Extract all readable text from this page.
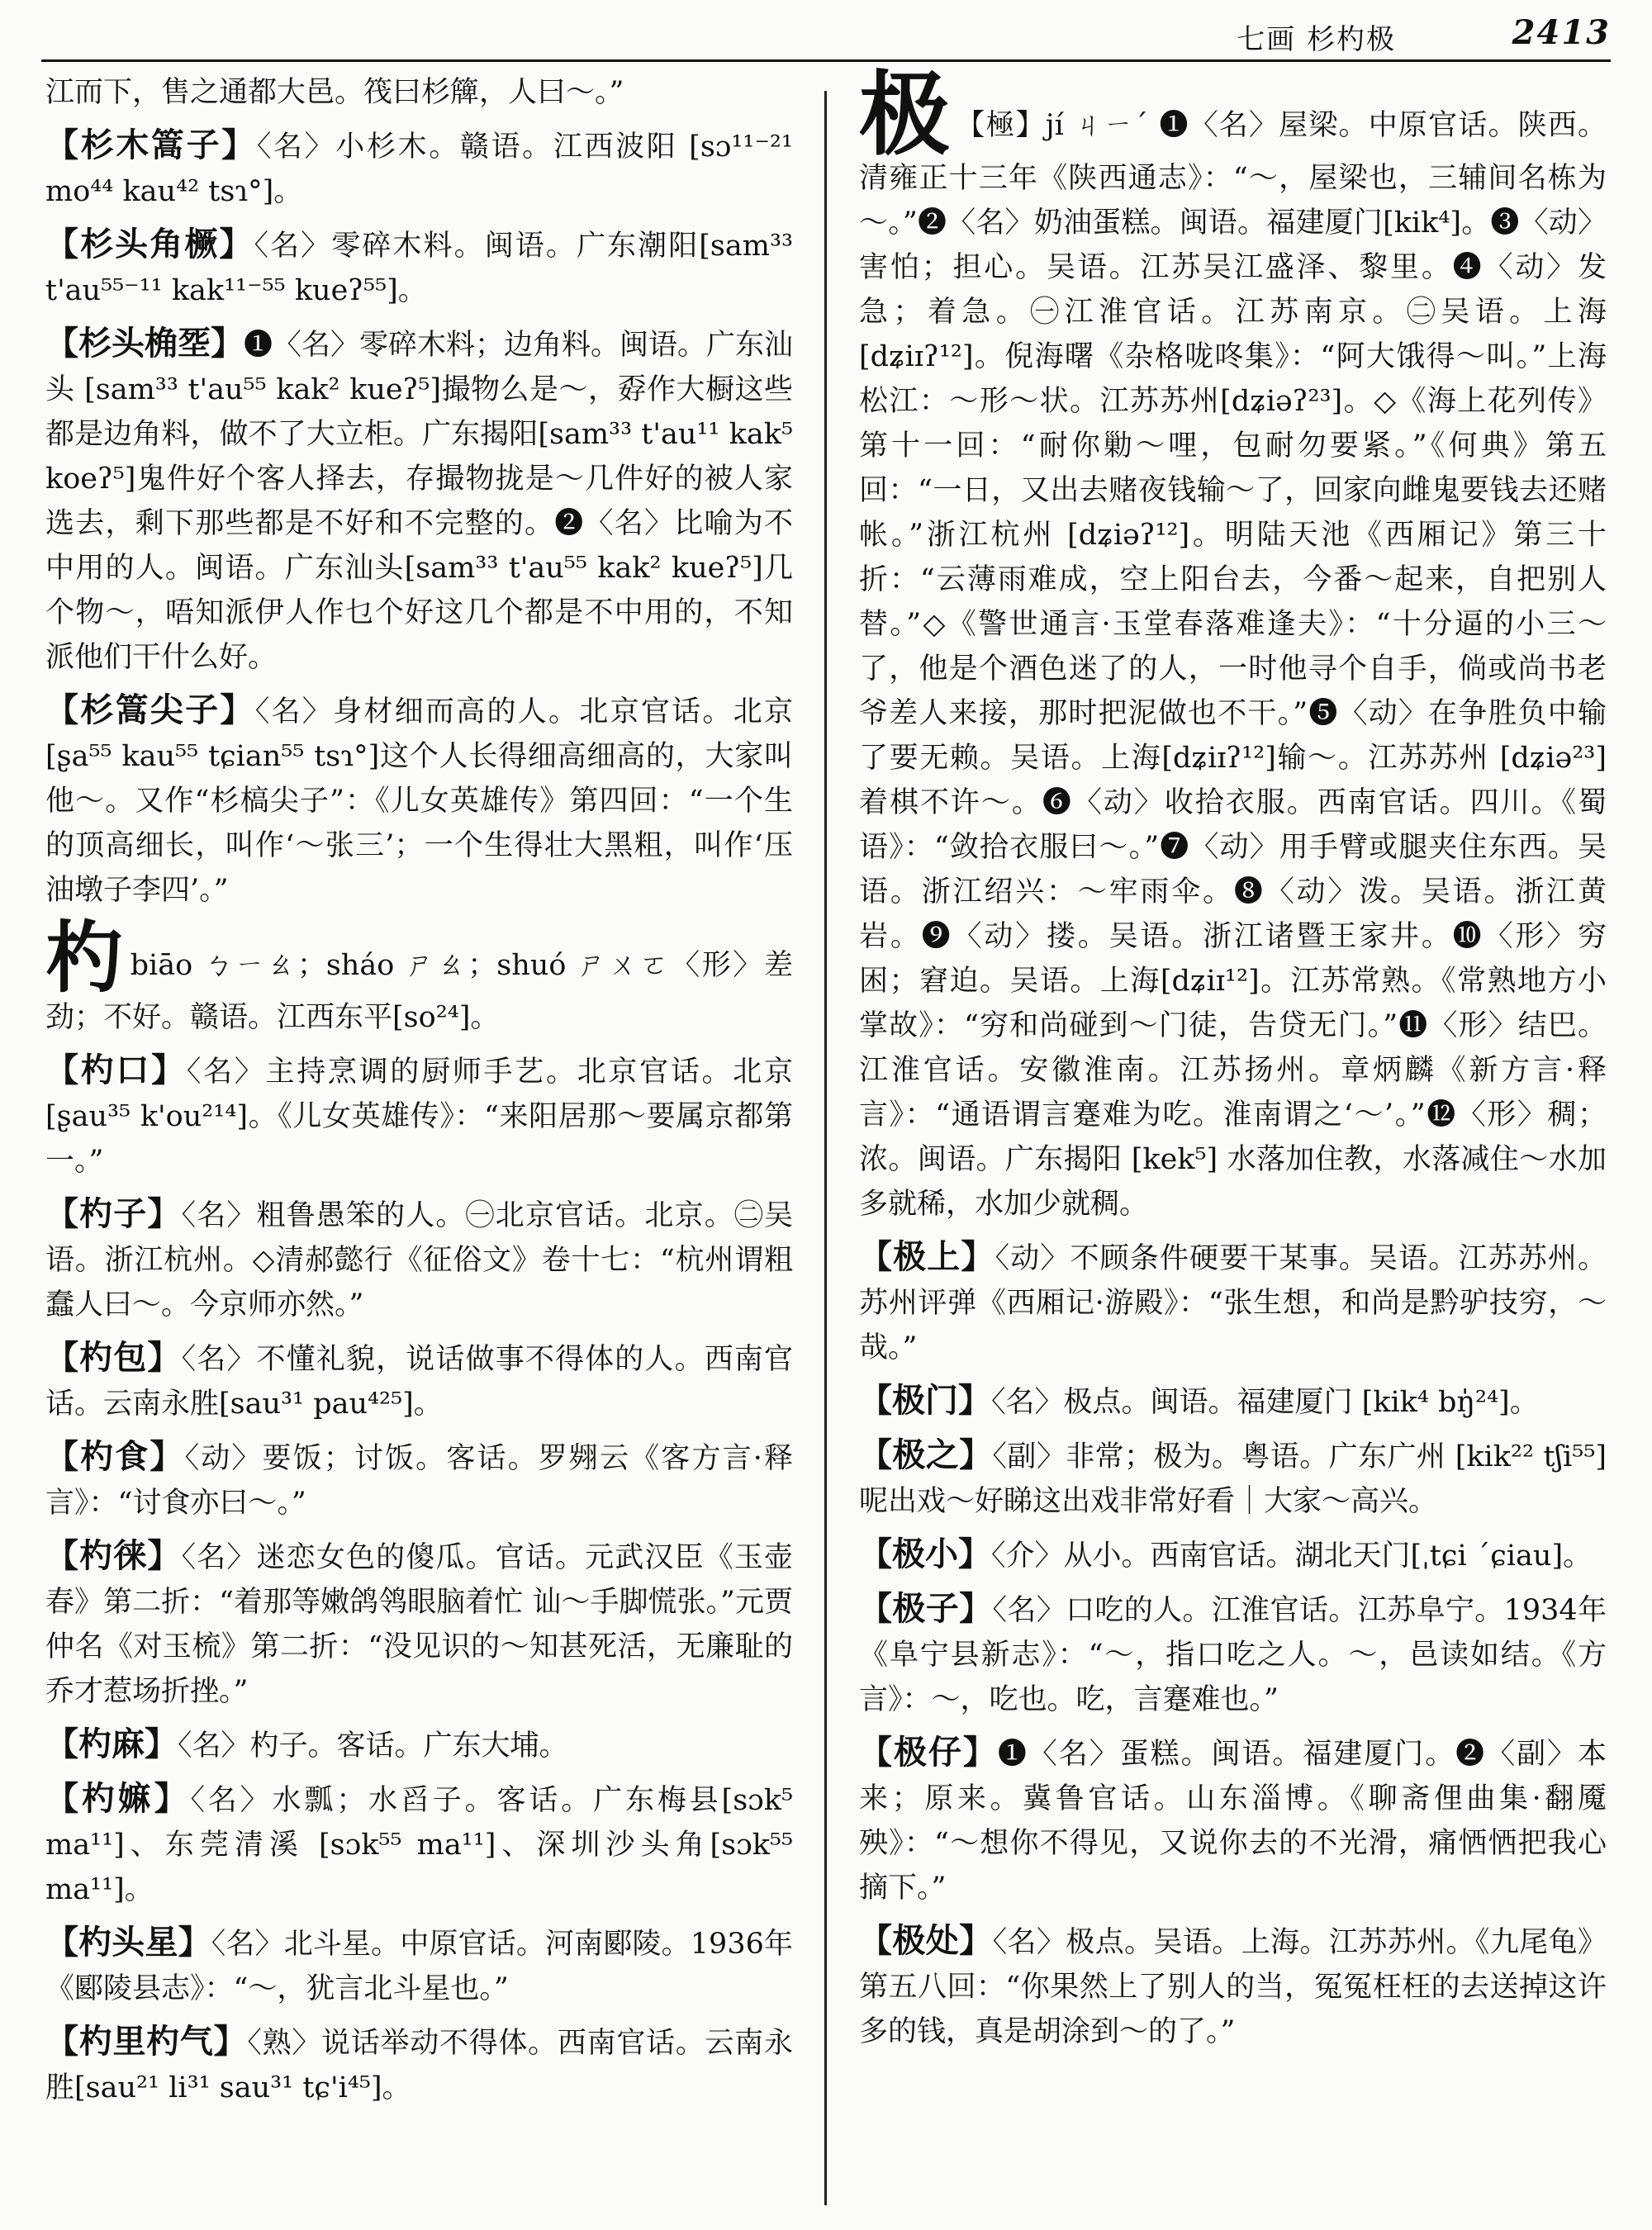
七画 杉杓极	2413
江而下，售之通都大邑。筏曰杉簰，人曰～。”
【杉木篙子】〈名〉小杉木。赣语。江西波阳 [sɔ¹¹⁻²¹ mo⁴⁴ kau⁴² tsɿ°]。
【杉头角橛】〈名〉零碎木料。闽语。广东潮阳[sam³³ t'au⁵⁵⁻¹¹ kak¹¹⁻⁵⁵ kueʔ⁵⁵]。
【杉头桷㘸】❶〈名〉零碎木料；边角料。闽语。广东汕头 [sam³³ t'au⁵⁵ kak² kueʔ⁵]撮物么是～，孬作大橱这些都是边角料，做不了大立柜。广东揭阳[sam³³ t'au¹¹ kak⁵ koeʔ⁵]鬼件好个客人择去，存撮物拢是～几件好的被人家选去，剩下那些都是不好和不完整的。❷〈名〉比喻为不中用的人。闽语。广东汕头[sam³³ t'au⁵⁵ kak² kueʔ⁵]几个物～，唔知派伊人作乜个好这几个都是不中用的，不知派他们干什么好。
【杉篙尖子】〈名〉身材细而高的人。北京官话。北京 [ʂa⁵⁵ kau⁵⁵ tɕian⁵⁵ tsɿ°]这个人长得细高细高的，大家叫他～。又作“杉槁尖子”：《儿女英雄传》第四回：“一个生的顶高细长，叫作‘～张三’；一个生得壮大黑粗，叫作‘压油墩子李四’。”
杓biāo ㄅㄧㄠ；sháo ㄕㄠ；shuó ㄕㄨㄛ〈形〉差劲；不好。赣语。江西东平[so²⁴]。
【杓口】〈名〉主持烹调的厨师手艺。北京官话。北京 [ʂau³⁵ k'ou²¹⁴]。《儿女英雄传》：“来阳居那～要属京都第一。”
【杓子】〈名〉粗鲁愚笨的人。㊀北京官话。北京。㊁吴语。浙江杭州。◇清郝懿行《征俗文》卷十七：“杭州谓粗蠢人曰～。今京师亦然。”
【杓包】〈名〉不懂礼貌，说话做事不得体的人。西南官话。云南永胜[sau³¹ pau⁴²⁵]。
【杓食】〈动〉要饭；讨饭。客话。罗翙云《客方言·释言》：“讨食亦曰～。”
【杓徕】〈名〉迷恋女色的傻瓜。官话。元武汉臣《玉壶春》第二折：“着那等嫩鸽鸰眼脑着忙 讪～手脚慌张。”元贾仲名《对玉梳》第二折：“没见识的～知甚死活，无廉耻的乔才惹场折挫。”
【杓麻】〈名〉杓子。客话。广东大埔。
【杓嫲】〈名〉水瓢；水舀子。客话。广东梅县[sɔk⁵ ma¹¹]、东莞清溪 [sɔk⁵⁵ ma¹¹]、深圳沙头角[sɔk⁵⁵ ma¹¹]。
【杓头星】〈名〉北斗星。中原官话。河南郾陵。1936年《郾陵县志》：“～，犹言北斗星也。”
【杓里杓气】〈熟〉说话举动不得体。西南官话。云南永胜[sau²¹ li³¹ sau³¹ tɕ'i⁴⁵]。
极 【極】jí ㄐㄧˊ ❶〈名〉屋梁。中原官话。陕西。清雍正十三年《陕西通志》：“～，屋梁也，三辅间名栋为～。”❷〈名〉奶油蛋糕。闽语。福建厦门[kik⁴]。❸〈动〉害怕；担心。吴语。江苏吴江盛泽、黎里。❹〈动〉发急；着急。㊀江淮官话。江苏南京。㊁吴语。上海[dʑiɪʔ¹²]。倪海曙《杂格咙咚集》：“阿大饿得～叫。”上海松江：～形～状。江苏苏州[dʑiəʔ²³]。◇《海上花列传》第十一回：“耐你勦～哩，包耐勿要紧。”《何典》第五回：“一日，又出去赌夜钱输～了，回家向雌鬼要钱去还赌帐。”浙江杭州 [dʑiəʔ¹²]。明陆天池《西厢记》第三十折：“云薄雨难成，空上阳台去，今番～起来，自把别人替。”◇《警世通言·玉堂春落难逢夫》：“十分逼的小三～了，他是个酒色迷了的人，一时他寻个自手，倘或尚书老爷差人来接，那时把泥做也不干。”❺〈动〉在争胜负中输了要无赖。吴语。上海[dʑiɪʔ¹²]输～。江苏苏州 [dʑiə²³] 着棋不许～。❻〈动〉收拾衣服。西南官话。四川。《蜀语》：“敛拾衣服曰～。”❼〈动〉用手臂或腿夹住东西。吴语。浙江绍兴：～牢雨伞。❽〈动〉泼。吴语。浙江黄岩。❾〈动〉搂。吴语。浙江诸暨王家井。❿〈形〉穷困；窘迫。吴语。上海[dʑiɪ¹²]。江苏常熟。《常熟地方小掌故》：“穷和尚碰到～门徒，告贷无门。”⓫〈形〉结巴。江淮官话。安徽淮南。江苏扬州。章炳麟《新方言·释言》：“通语谓言蹇难为吃。淮南谓之‘～’。”⓬〈形〉稠；浓。闽语。广东揭阳 [kek⁵] 水落加住教，水落减住～水加多就稀，水加少就稠。
【极上】〈动〉不顾条件硬要干某事。吴语。江苏苏州。苏州评弹《西厢记·游殿》：“张生想，和尚是黔驴技穷，～哉。”
【极门】〈名〉极点。闽语。福建厦门 [kik⁴ bŋ̍²⁴]。
【极之】〈副〉非常；极为。粤语。广东广州 [kik²² tʃi⁵⁵] 呢出戏～好睇这出戏非常好看｜大家～高兴。
【极小】〈介〉从小。西南官话。湖北天门[ˌtɕi ˊɕiau]。
【极子】〈名〉口吃的人。江淮官话。江苏阜宁。1934年《阜宁县新志》：“～，指口吃之人。～，邑读如结。《方言》：～，吃也。吃，言蹇难也。”
【极仔】❶〈名〉蛋糕。闽语。福建厦门。❷〈副〉本来；原来。冀鲁官话。山东淄博。《聊斋俚曲集·翻魇殃》：“～想你不得见，又说你去的不光滑，痛恓恓把我心摘下。”
【极处】〈名〉极点。吴语。上海。江苏苏州。《九尾龟》第五八回：“你果然上了别人的当，冤冤枉枉的去送掉这许多的钱，真是胡涂到～的了。”
